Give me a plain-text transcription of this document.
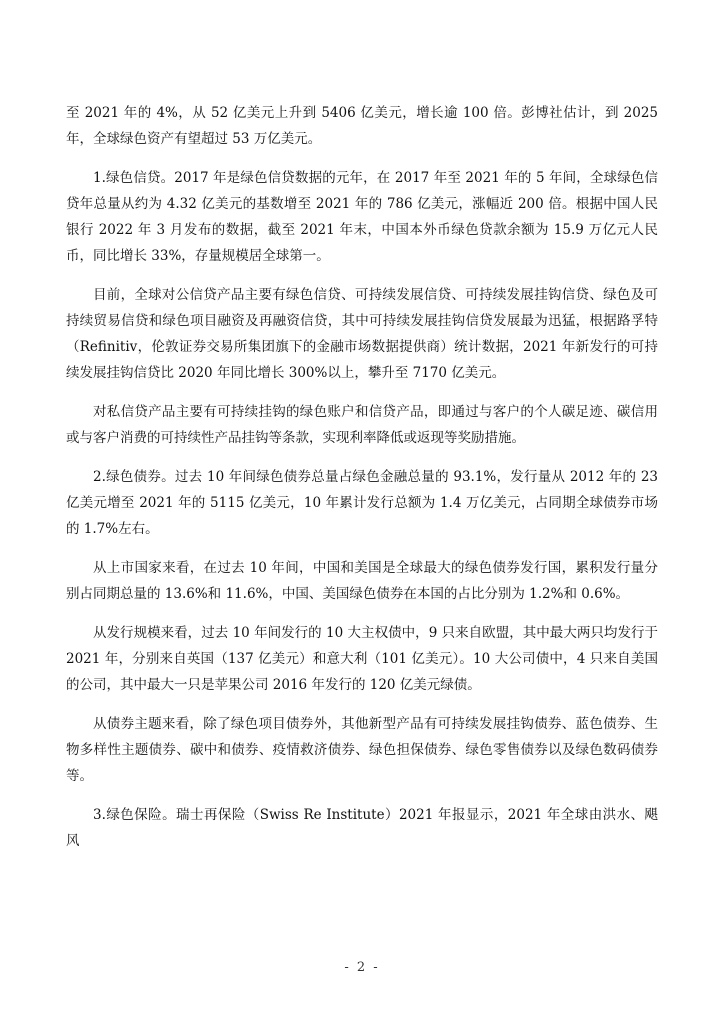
至 2021 年的 4%，从 52 亿美元上升到 5406 亿美元，增长逾 100 倍。彭博社估计，到 2025 年，全球绿色资产有望超过 53 万亿美元。

1.绿色信贷。2017 年是绿色信贷数据的元年，在 2017 年至 2021 年的 5 年间，全球绿色信贷年总量从约为 4.32 亿美元的基数增至 2021 年的 786 亿美元，涨幅近 200 倍。根据中国人民银行 2022 年 3 月发布的数据，截至 2021 年末，中国本外币绿色贷款余额为 15.9 万亿元人民币，同比增长 33%，存量规模居全球第一。

目前，全球对公信贷产品主要有绿色信贷、可持续发展信贷、可持续发展挂钩信贷、绿色及可持续贸易信贷和绿色项目融资及再融资信贷，其中可持续发展挂钩信贷发展最为迅猛，根据路孚特（Refinitiv，伦敦证券交易所集团旗下的金融市场数据提供商）统计数据，2021 年新发行的可持续发展挂钩信贷比 2020 年同比增长 300%以上，攀升至 7170 亿美元。

对私信贷产品主要有可持续挂钩的绿色账户和信贷产品，即通过与客户的个人碳足迹、碳信用或与客户消费的可持续性产品挂钩等条款，实现利率降低或返现等奖励措施。

2.绿色债券。过去 10 年间绿色债券总量占绿色金融总量的 93.1%，发行量从 2012 年的 23 亿美元增至 2021 年的 5115 亿美元，10 年累计发行总额为 1.4 万亿美元，占同期全球债券市场的 1.7%左右。

从上市国家来看，在过去 10 年间，中国和美国是全球最大的绿色债券发行国，累积发行量分别占同期总量的 13.6%和 11.6%，中国、美国绿色债券在本国的占比分别为 1.2%和 0.6%。

从发行规模来看，过去 10 年间发行的 10 大主权债中，9 只来自欧盟，其中最大两只均发行于 2021 年，分别来自英国（137 亿美元）和意大利（101 亿美元）。10 大公司债中，4 只来自美国的公司，其中最大一只是苹果公司 2016 年发行的 120 亿美元绿债。

从债券主题来看，除了绿色项目债券外，其他新型产品有可持续发展挂钩债券、蓝色债券、生物多样性主题债券、碳中和债券、疫情救济债券、绿色担保债券、绿色零售债券以及绿色数码债券等。

3.绿色保险。瑞士再保险（Swiss Re Institute）2021 年报显示，2021 年全球由洪水、飓风

- 2 -
